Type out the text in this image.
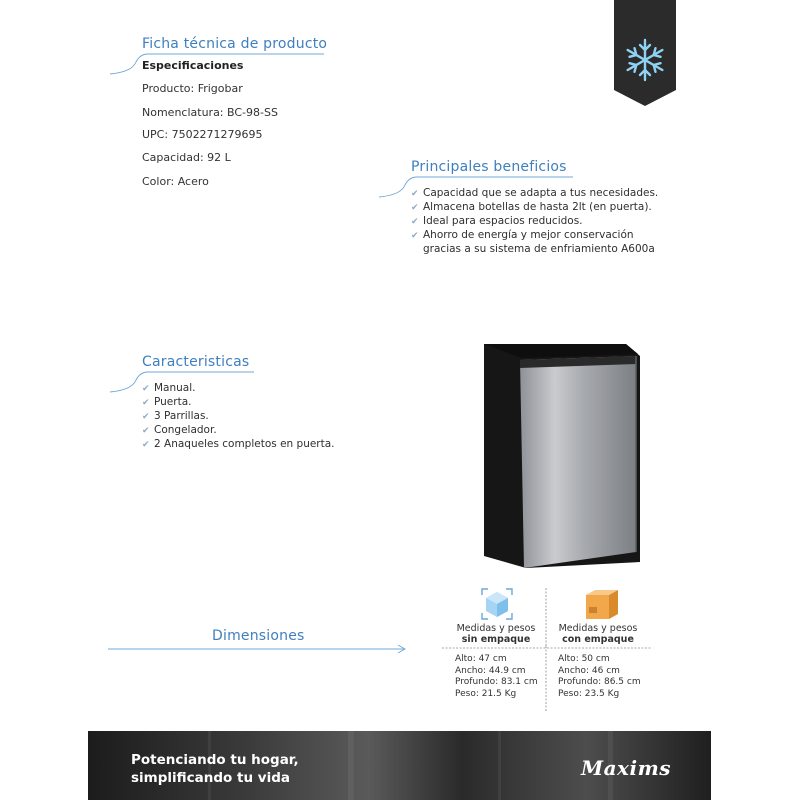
Ficha técnica de producto
Especificaciones
Producto: Frigobar
Nomenclatura: BC-98-SS
UPC: 7502271279695
Capacidad: 92 L
Color: Acero
Principales beneficios
✔ Capacidad que se adapta a tus necesidades.
✔ Almacena botellas de hasta 2lt (en puerta).
✔ Ideal para espacios reducidos.
✔ Ahorro de energía y mejor conservación
gracias a su sistema de enfriamiento A600a
Caracteristicas
✔ Manual.
✔ Puerta.
✔ 3 Parrillas.
✔ Congelador.
✔ 2 Anaqueles completos en puerta.
Dimensiones	Medidas y pesos
sin empaque
Medidas y pesos
con empaque
Alto: 47 cm
Ancho: 44.9 cm
Profundo: 83.1 cm
Peso: 21.5 Kg
Alto: 50 cm
Ancho: 46 cm
Profundo: 86.5 cm
Peso: 23.5 Kg
Potenciando tu hogar,
simplificando tu vida	Maxims
